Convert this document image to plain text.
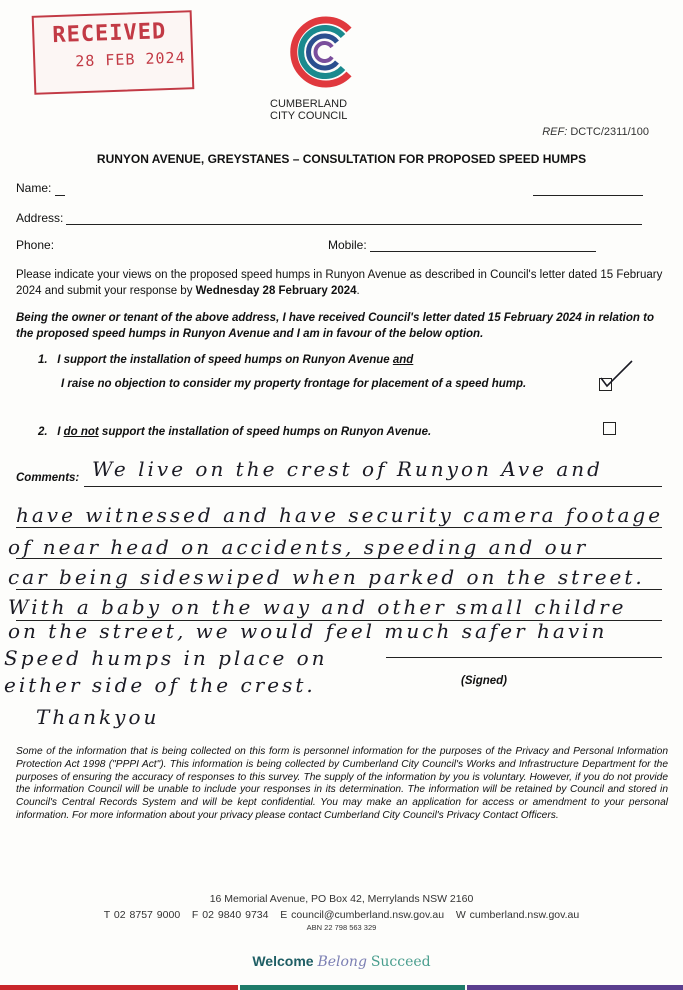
RECEIVED
28 FEB 2024
CUMBERLAND
CITY COUNCIL
REF: DCTC/2311/100
RUNYON AVENUE, GREYSTANES – CONSULTATION FOR PROPOSED SPEED HUMPS
Name:
Address:
Phone:	Mobile:
Please indicate your views on the proposed speed humps in Runyon Avenue as described in Council's letter dated 15 February 2024 and submit your response by Wednesday 28 February 2024.
Being the owner or tenant of the above address, I have received Council's letter dated 15 February 2024 in relation to the proposed speed humps in Runyon Avenue and I am in favour of the below option.
1. I support the installation of speed humps on Runyon Avenue and
I raise no objection to consider my property frontage for placement of a speed hump.
2. I do not support the installation of speed humps on Runyon Avenue.
Comments: We live on the crest of Runyon Ave and
have witnessed and have security camera footage
of near head on accidents, speeding and our
car being sideswiped when parked on the street.
With a baby on the way and other small childre
on the street, we would feel much safer havin
Speed humps in place on
either side of the crest.
Thankyou
(Signed)
Some of the information that is being collected on this form is personnel information for the purposes of the Privacy and Personal Information Protection Act 1998 ("PPPI Act"). This information is being collected by Cumberland City Council's Works and Infrastructure Department for the purposes of ensuring the accuracy of responses to this survey. The supply of the information by you is voluntary. However, if you do not provide the information Council will be unable to include your responses in its determination. The information will be retained by Council and stored in Council's Central Records System and will be kept confidential. You may make an application for access or amendment to your personal information. For more information about your privacy please contact Cumberland City Council's Privacy Contact Officers.
16 Memorial Avenue, PO Box 42, Merrylands NSW 2160
T 02 8757 9000 F 02 9840 9734 E council@cumberland.nsw.gov.au W cumberland.nsw.gov.au
ABN 22 798 563 329
Welcome Belong Succeed
